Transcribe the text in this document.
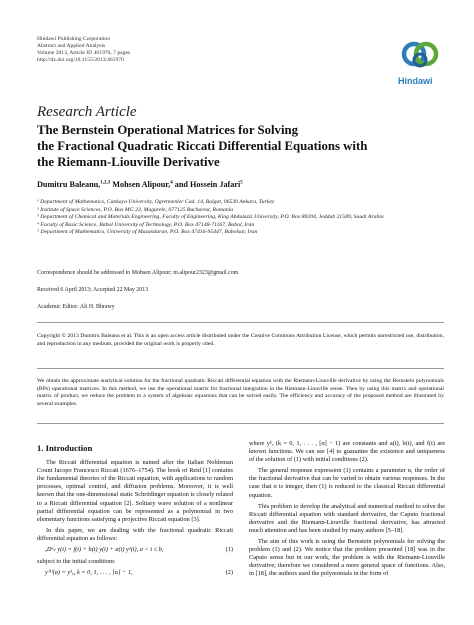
Hindawi Publishing Corporation
Abstract and Applied Analysis
Volume 2013, Article ID 461970, 7 pages
http://dx.doi.org/10.1155/2013/461970
Hindawi
Research Article
The Bernstein Operational Matrices for Solving
the Fractional Quadratic Riccati Differential Equations with
the Riemann-Liouville Derivative
Dumitru Baleanu,$^{1,2,3}$ Mohsen Alipour,$^4$ and Hossein Jafari$^5$
¹ Department of Mathematics, Cankaya University, Ogretmenler Cad. 14, Balgat, 06530 Ankara, Turkey
² Institute of Space Sciences, P.O. Box MG 23, Magurele, 077125 Bucharest, Romania
³ Department of Chemical and Materials Engineering, Faculty of Engineering, King Abdulaziz University, P.O. Box 80204, Jeddah 21589, Saudi Arabia
⁴ Faculty of Basic Science, Babol University of Technology, P.O. Box 47148-71167, Babol, Iran
⁵ Department of Mathematics, University of Mazandaran, P.O. Box 47416-95447, Babolsar, Iran
Correspondence should be addressed to Mohsen Alipour; m.alipour2323@gmail.com
Received 6 April 2013; Accepted 22 May 2013
Academic Editor: Ali H. Bhrawy
Copyright © 2013 Dumitru Baleanu et al. This is an open access article distributed under the Creative Commons Attribution License, which permits unrestricted use, distribution, and reproduction in any medium, provided the original work is properly cited.
We obtain the approximate analytical solution for the fractional quadratic Riccati differential equation with the Riemann-Liouville derivative by using the Bernstein polynomials (BPs) operational matrices. In this method, we use the operational matrix for fractional integration in the Riemann-Liouville sense. Then by using this matrix and operational matrix of product, we reduce the problem to a system of algebraic equations that can be solved easily. The efficiency and accuracy of the proposed method are illustrated by several examples.
1. Introduction

The Riccati differential equation is named after the Italian Nobleman Count Jacopo Francesco Riccati (1676–1754). The book of Reid [1] contains the fundamental theories of the Riccati equation, with applications to random processes, optimal control, and diffusion problems. Moreover, it is well known that the one-dimensional static Schrödinger equation is closely related to a Riccati differential equation [2]. Solitary wave solution of a nonlinear partial differential equation can be represented as a polynomial in two elementary functions satisfying a projective Riccati equation [3].

In this paper, we are dealing with the fractional quadratic Riccati differential equation as follows:

ₐDᵅₜ y(t) = f(t) + b(t) y(t) + a(t) y²(t), a < t ≤ b,	(1)

subject to the initial conditions

y⁽ᵏ⁾(a) = yᵏₐ, k = 0, 1, . . . , [α] − 1,	(2)

where yᵏₐ (k = 0, 1, . . . , [α] − 1) are constants and a(t), b(t), and f(t) are known functions. We can see [4] to guarantee the existence and uniqueness of the solution of (1) with initial conditions (2).

The general response expression (1) contains a parameter α, the order of the fractional derivative that can be varied to obtain various responses. In the case that α is integer, then (1) is reduced to the classical Riccati differential equation.

This problem to develop the analytical and numerical method to solve the Riccati differential equation with standard derivative, the Caputo fractional derivative and the Riemann-Liouville fractional derivative, has attracted much attention and has been studied by many authors [5–18].

The aim of this work is using the Bernstein polynomials for solving the problem (1) and (2). We notice that the problem presented [18] was in the Caputo sense but in our work, the problem is with the Riemann-Liouville derivative; therefore we considered a more general space of functions. Also, in [18], the authors used the polynomials in the form of
